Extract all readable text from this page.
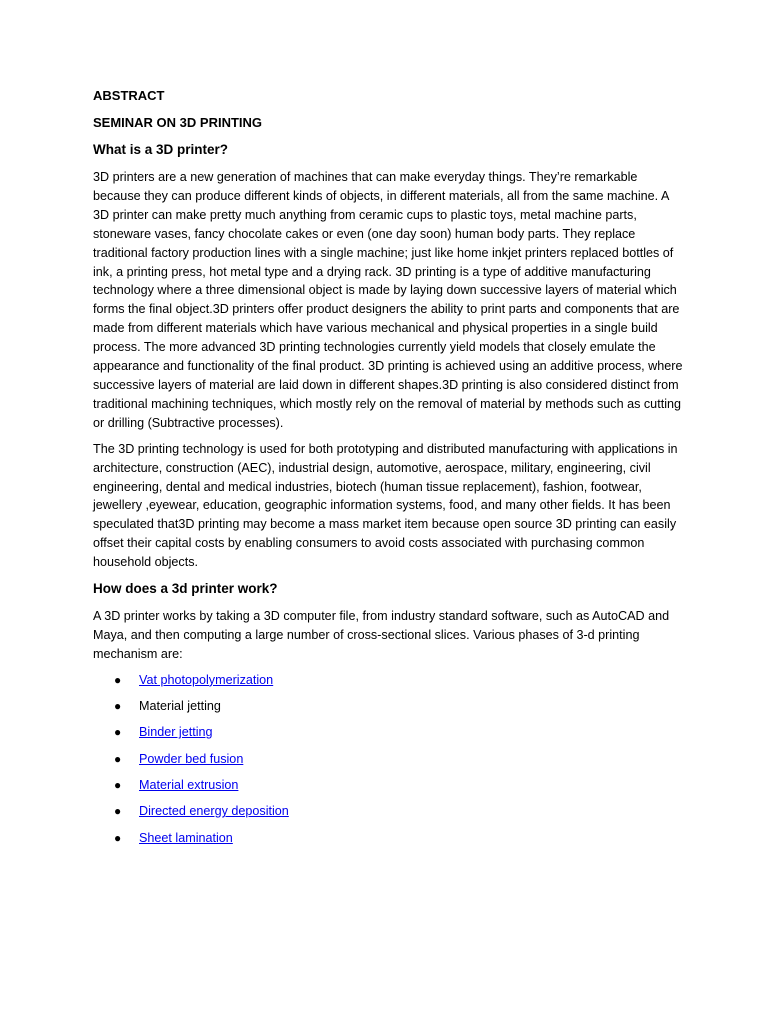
ABSTRACT
SEMINAR ON 3D PRINTING
What is a 3D printer?

3D printers are a new generation of machines that can make everyday things. They’re remarkable because they can produce different kinds of objects, in different materials, all from the same machine. A 3D printer can make pretty much anything from ceramic cups to plastic toys, metal machine parts, stoneware vases, fancy chocolate cakes or even (one day soon) human body parts. They replace traditional factory production lines with a single machine; just like home inkjet printers replaced bottles of ink, a printing press, hot metal type and a drying rack. 3D printing is a type of additive manufacturing technology where a three dimensional object is made by laying down successive layers of material which forms the final object.3D printers offer product designers the ability to print parts and components that are made from different materials which have various mechanical and physical properties in a single build process. The more advanced 3D printing technologies currently yield models that closely emulate the appearance and functionality of the final product. 3D printing is achieved using an additive process, where successive layers of material are laid down in different shapes.3D printing is also considered distinct from traditional machining techniques, which mostly rely on the removal of material by methods such as cutting or drilling (Subtractive processes).

The 3D printing technology is used for both prototyping and distributed manufacturing with applications in architecture, construction (AEC), industrial design, automotive, aerospace, military, engineering, civil engineering, dental and medical industries, biotech (human tissue replacement), fashion, footwear, jewellery ,eyewear, education, geographic information systems, food, and many other fields. It has been speculated that3D printing may become a mass market item because open source 3D printing can easily offset their capital costs by enabling consumers to avoid costs associated with purchasing common household objects.

How does a 3d printer work?

A 3D printer works by taking a 3D computer file, from industry standard software, such as AutoCAD and Maya, and then computing a large number of cross-sectional slices. Various phases of 3-d printing mechanism are:

● Vat photopolymerization
● Material jetting
● Binder jetting
● Powder bed fusion
● Material extrusion
● Directed energy deposition
● Sheet lamination
